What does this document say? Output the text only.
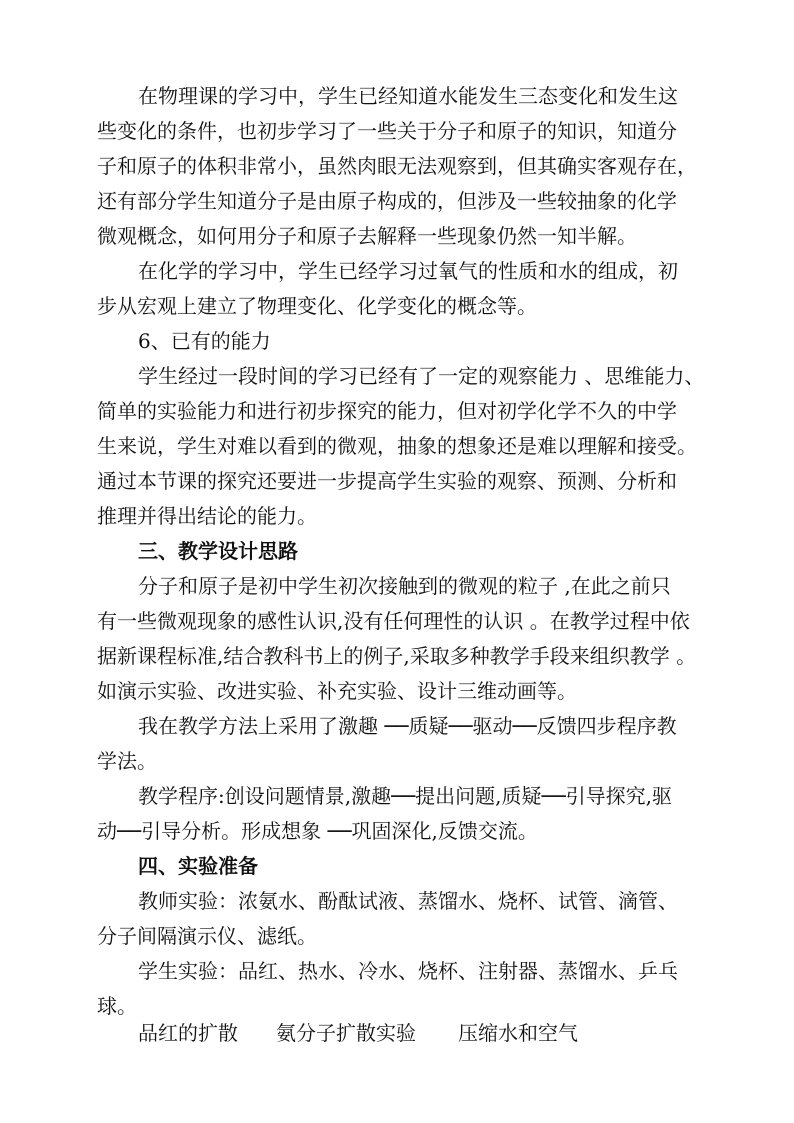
在物理课的学习中，学生已经知道水能发生三态变化和发生这
些变化的条件，也初步学习了一些关于分子和原子的知识，知道分
子和原子的体积非常小，虽然肉眼无法观察到，但其确实客观存在，
还有部分学生知道分子是由原子构成的，但涉及一些较抽象的化学
微观概念，如何用分子和原子去解释一些现象仍然一知半解。
在化学的学习中，学生已经学习过氧气的性质和水的组成，初
步从宏观上建立了物理变化、化学变化的概念等。
6、已有的能力
学生经过一段时间的学习已经有了一定的观察能力 、思维能力、
简单的实验能力和进行初步探究的能力，但对初学化学不久的中学
生来说，学生对难以看到的微观，抽象的想象还是难以理解和接受。
通过本节课的探究还要进一步提高学生实验的观察、预测、分析和
推理并得出结论的能力。
三、教学设计思路
分子和原子是初中学生初次接触到的微观的粒子 ,在此之前只
有一些微观现象的感性认识,没有任何理性的认识 。在教学过程中依
据新课程标准,结合教科书上的例子,采取多种教学手段来组织教学 。
如演示实验、改进实验、补充实验、设计三维动画等。
我在教学方法上采用了激趣 ──质疑──驱动──反馈四步程序教
学法。
教学程序:创设问题情景,激趣──提出问题,质疑──引导探究,驱
动──引导分析。形成想象 ──巩固深化,反馈交流。
四、实验准备
教师实验：浓氨水、酚酞试液、蒸馏水、烧杯、试管、滴管、
分子间隔演示仪、滤纸。
学生实验：品红、热水、冷水、烧杯、注射器、蒸馏水、乒乓
球。
品红的扩散 氨分子扩散实验 压缩水和空气
